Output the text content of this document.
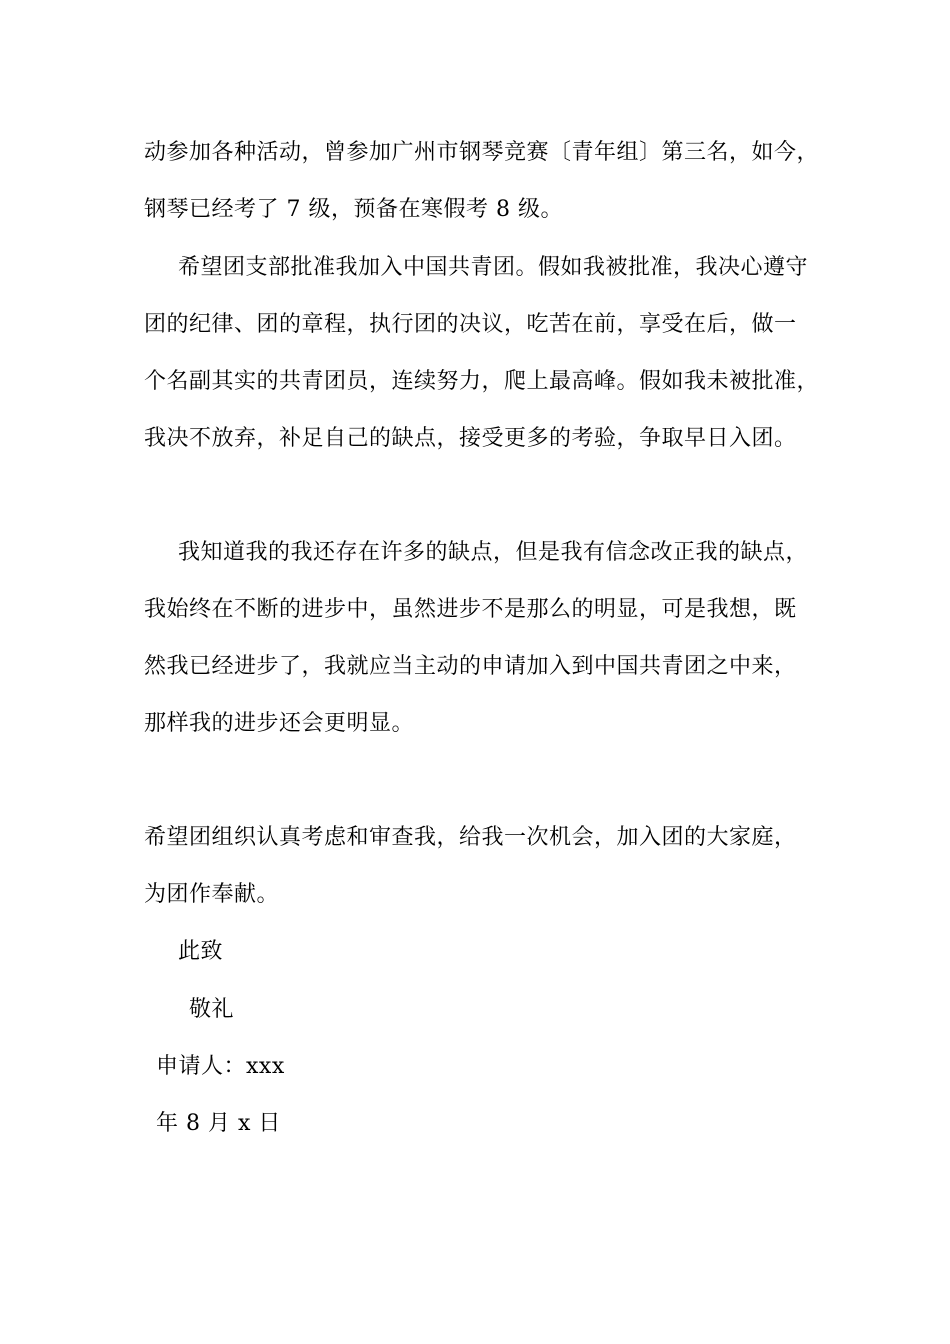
动参加各种活动，曾参加广州市钢琴竞赛〔青年组〕第三名，如今，
钢琴已经考了 7 级，预备在寒假考 8 级。
希望团支部批准我加入中国共青团。假如我被批准，我决心遵守
团的纪律、团的章程，执行团的决议，吃苦在前，享受在后，做一
个名副其实的共青团员，连续努力，爬上最高峰。假如我未被批准，
我决不放弃，补足自己的缺点，接受更多的考验，争取早日入团。
我知道我的我还存在许多的缺点，但是我有信念改正我的缺点，
我始终在不断的进步中，虽然进步不是那么的明显，可是我想，既
然我已经进步了，我就应当主动的申请加入到中国共青团之中来，
那样我的进步还会更明显。
希望团组织认真考虑和审查我，给我一次机会，加入团的大家庭，
为团作奉献。
此致
敬礼
申请人：xxx
年 8 月 x 日
